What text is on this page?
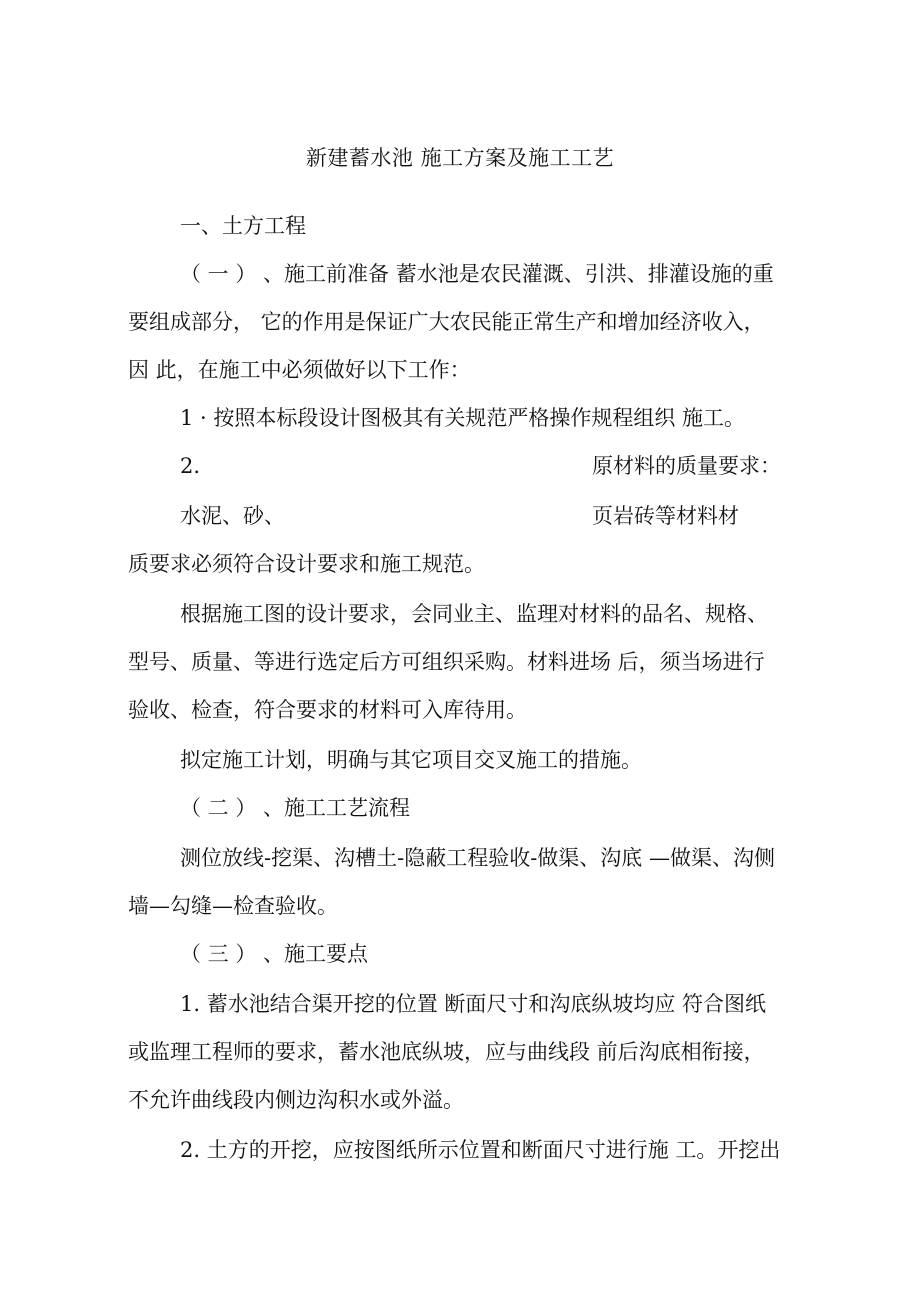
新建蓄水池 施工方案及施工工艺
一、土方工程
（ 一 ） 、施工前准备 蓄水池是农民灌溉、引洪、排灌设施的重
要组成部分， 它的作用是保证广大农民能正常生产和增加经济收入，
因 此，在施工中必须做好以下工作：
1 · 按照本标段设计图极其有关规范严格操作规程组织 施工。
2.	原材料的质量要求：
水泥、砂、	页岩砖等材料材
质要求必须符合设计要求和施工规范。
根据施工图的设计要求，会同业主、监理对材料的品名、规格、
型号、质量、等进行选定后方可组织采购。材料进场 后，须当场进行
验收、检查，符合要求的材料可入库待用。
拟定施工计划，明确与其它项目交叉施工的措施。
（ 二 ） 、施工工艺流程
测位放线-挖渠、沟槽土-隐蔽工程验收-做渠、沟底 —做渠、沟侧
墙—勾缝—检查验收。
（ 三 ） 、施工要点
1. 蓄水池结合渠开挖的位置 断面尺寸和沟底纵坡均应 符合图纸
或监理工程师的要求，蓄水池底纵坡，应与曲线段 前后沟底相衔接，
不允许曲线段内侧边沟积水或外溢。
2. 土方的开挖，应按图纸所示位置和断面尺寸进行施 工。开挖出
